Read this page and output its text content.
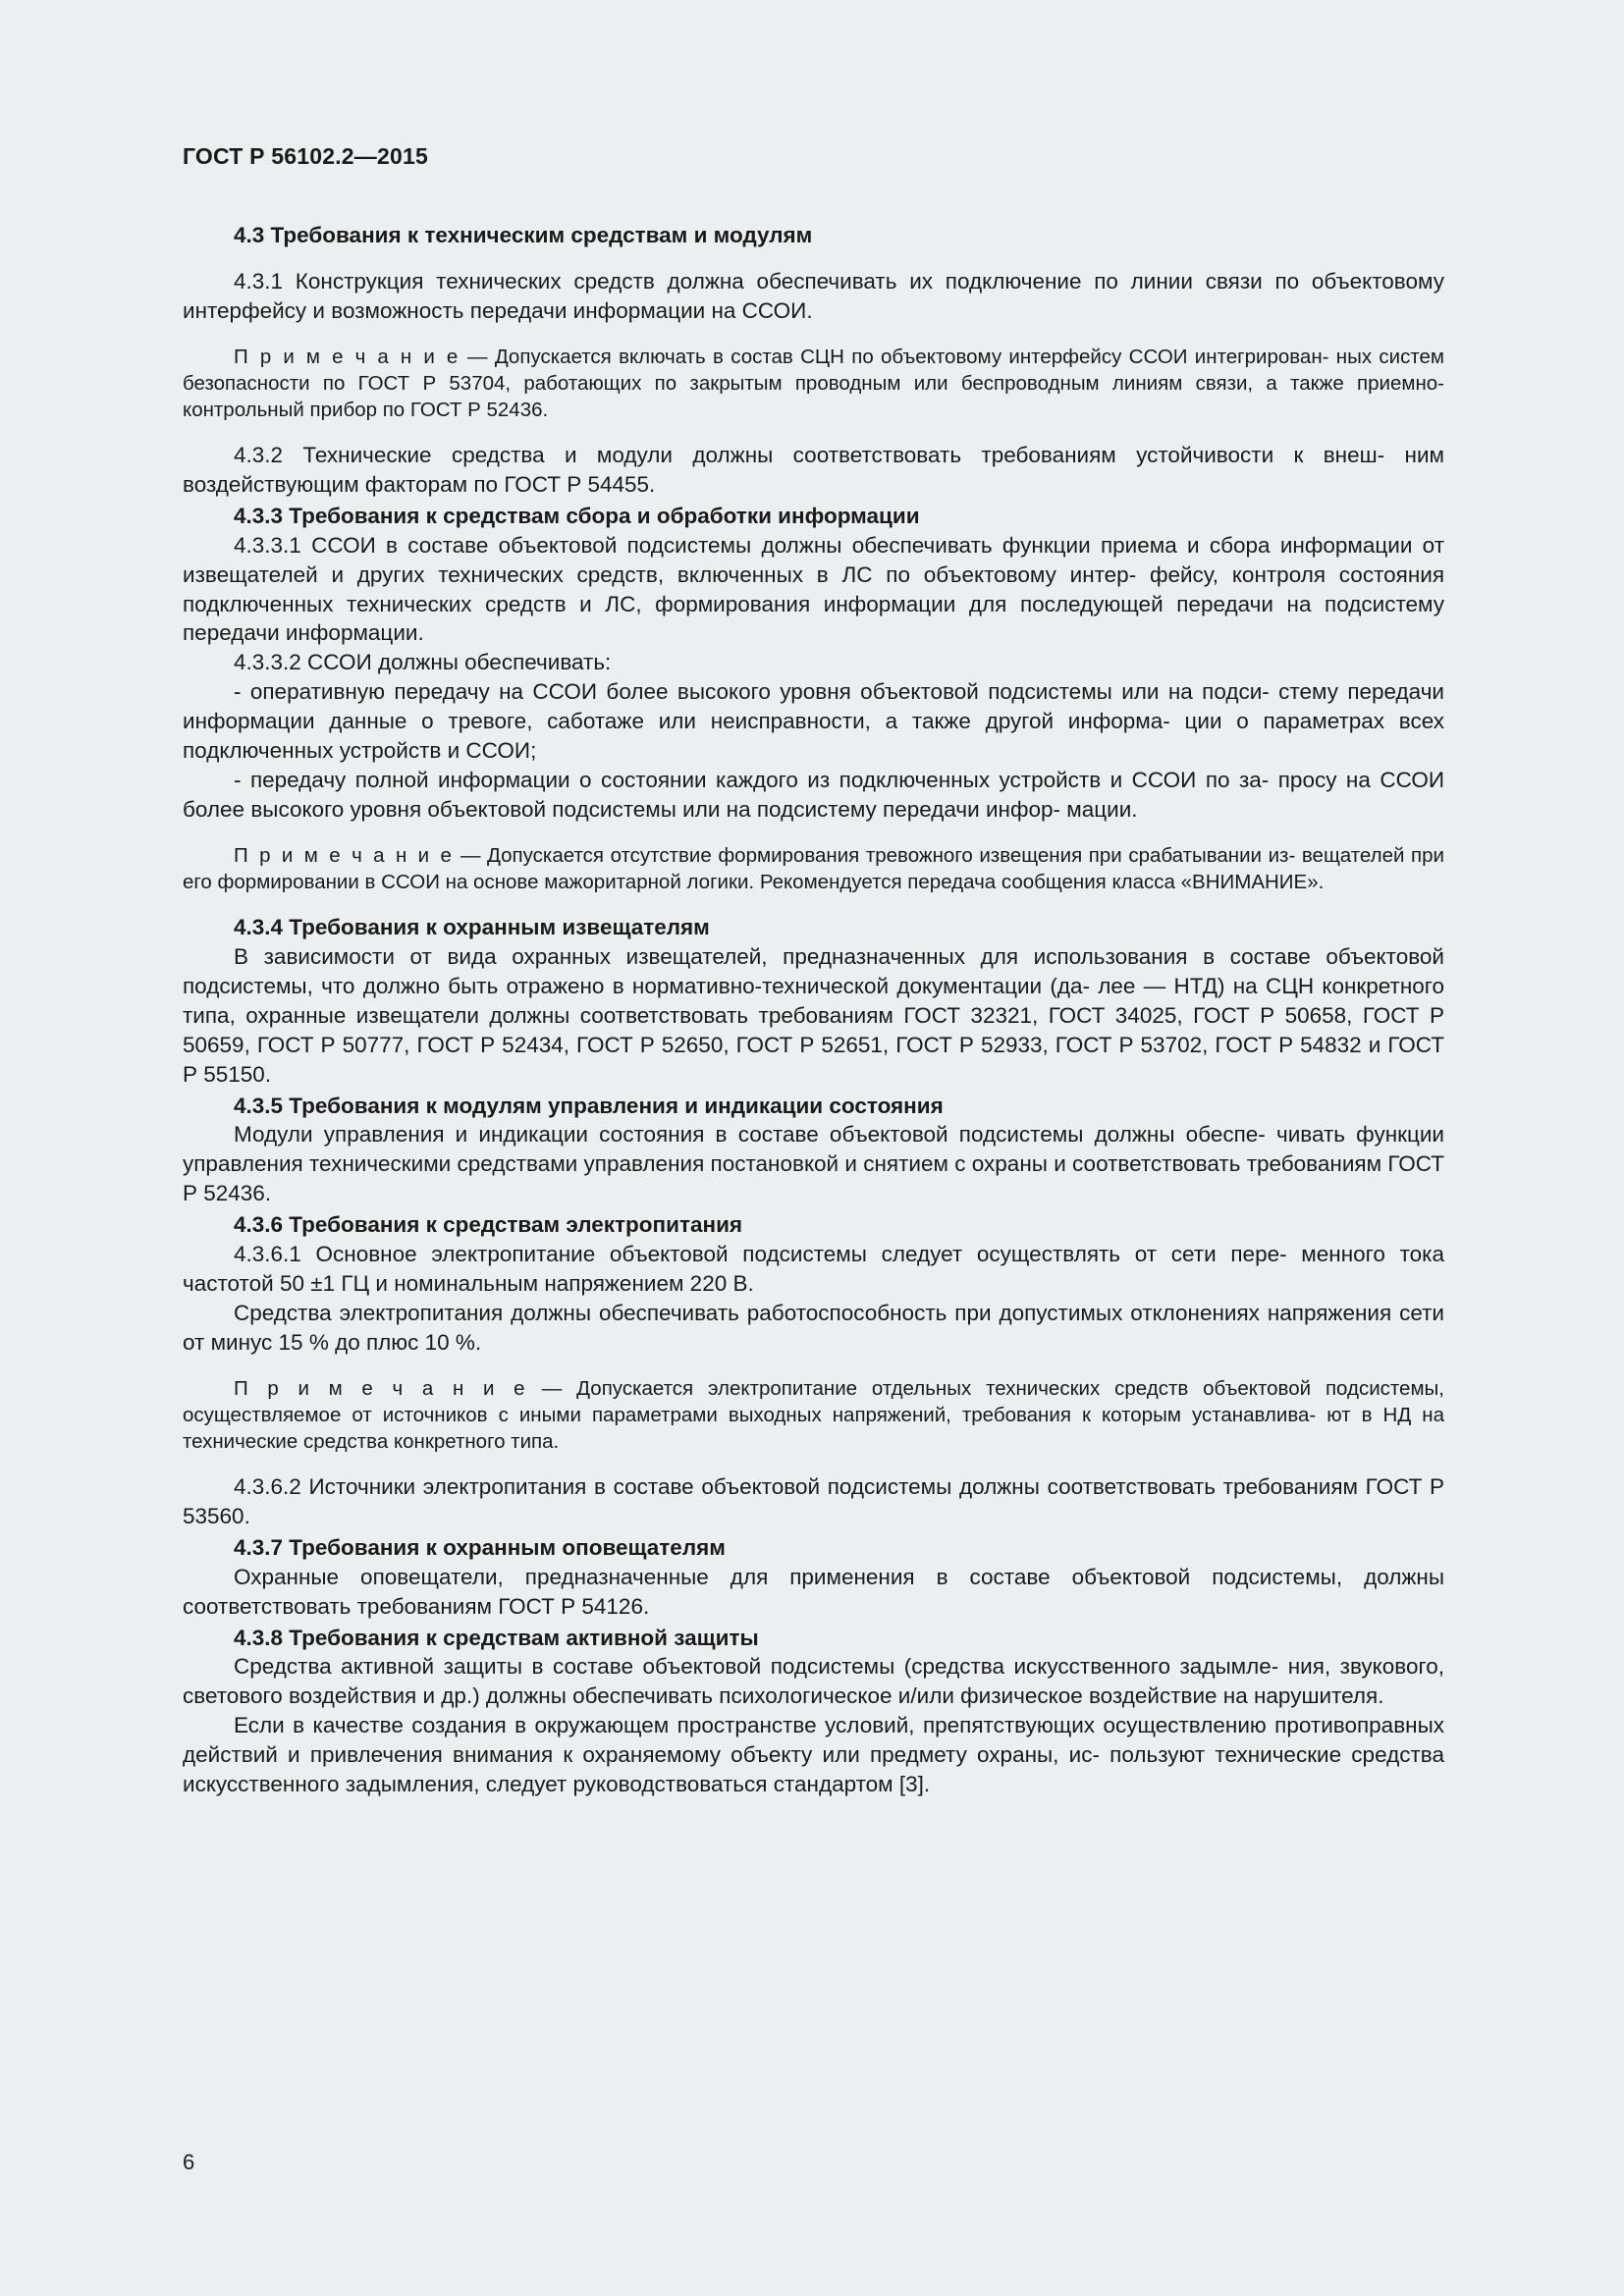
ГОСТ Р 56102.2—2015

4.3 Требования к техническим средствам и модулям

4.3.1 Конструкция технических средств должна обеспечивать их подключение по линии связи по объектовому интерфейсу и возможность передачи информации на ССОИ.

П р и м е ч а н и е — Допускается включать в состав СЦН по объектовому интерфейсу ССОИ интегрирован- ных систем безопасности по ГОСТ Р 53704, работающих по закрытым проводным или беспроводным линиям связи, а также приемно-контрольный прибор по ГОСТ Р 52436.

4.3.2 Технические средства и модули должны соответствовать требованиям устойчивости к внеш- ним воздействующим факторам по ГОСТ Р 54455.

4.3.3 Требования к средствам сбора и обработки информации

4.3.3.1 ССОИ в составе объектовой подсистемы должны обеспечивать функции приема и сбора информации от извещателей и других технических средств, включенных в ЛС по объектовому интер- фейсу, контроля состояния подключенных технических средств и ЛС, формирования информации для последующей передачи на подсистему передачи информации.

4.3.3.2 ССОИ должны обеспечивать:

- оперативную передачу на ССОИ более высокого уровня объектовой подсистемы или на подси- стему передачи информации данные о тревоге, саботаже или неисправности, а также другой информа- ции о параметрах всех подключенных устройств и ССОИ;

- передачу полной информации о состоянии каждого из подключенных устройств и ССОИ по за- просу на ССОИ более высокого уровня объектовой подсистемы или на подсистему передачи инфор- мации.

П р и м е ч а н и е — Допускается отсутствие формирования тревожного извещения при срабатывании из- вещателей при его формировании в ССОИ на основе мажоритарной логики. Рекомендуется передача сообщения класса «ВНИМАНИЕ».

4.3.4 Требования к охранным извещателям

В зависимости от вида охранных извещателей, предназначенных для использования в составе объектовой подсистемы, что должно быть отражено в нормативно-технической документации (да- лее — НТД) на СЦН конкретного типа, охранные извещатели должны соответствовать требованиям ГОСТ 32321, ГОСТ 34025, ГОСТ Р 50658, ГОСТ Р 50659, ГОСТ Р 50777, ГОСТ Р 52434, ГОСТ Р 52650, ГОСТ Р 52651, ГОСТ Р 52933, ГОСТ Р 53702, ГОСТ Р 54832 и ГОСТ Р 55150.

4.3.5 Требования к модулям управления и индикации состояния

Модули управления и индикации состояния в составе объектовой подсистемы должны обеспе- чивать функции управления техническими средствами управления постановкой и снятием с охраны и соответствовать требованиям ГОСТ Р 52436.

4.3.6 Требования к средствам электропитания

4.3.6.1 Основное электропитание объектовой подсистемы следует осуществлять от сети пере- менного тока частотой 50 ±1 ГЦ и номинальным напряжением 220 В.

Средства электропитания должны обеспечивать работоспособность при допустимых отклонениях напряжения сети от минус 15 % до плюс 10 %.

П р и м е ч а н и е — Допускается электропитание отдельных технических средств объектовой подсистемы, осуществляемое от источников с иными параметрами выходных напряжений, требования к которым устанавлива- ют в НД на технические средства конкретного типа.

4.3.6.2 Источники электропитания в составе объектовой подсистемы должны соответствовать требованиям ГОСТ Р 53560.

4.3.7 Требования к охранным оповещателям

Охранные оповещатели, предназначенные для применения в составе объектовой подсистемы, должны соответствовать требованиям ГОСТ Р 54126.

4.3.8 Требования к средствам активной защиты

Средства активной защиты в составе объектовой подсистемы (средства искусственного задымле- ния, звукового, светового воздействия и др.) должны обеспечивать психологическое и/или физическое воздействие на нарушителя.

Если в качестве создания в окружающем пространстве условий, препятствующих осуществлению противоправных действий и привлечения внимания к охраняемому объекту или предмету охраны, ис- пользуют технические средства искусственного задымления, следует руководствоваться стандартом [3].

6
